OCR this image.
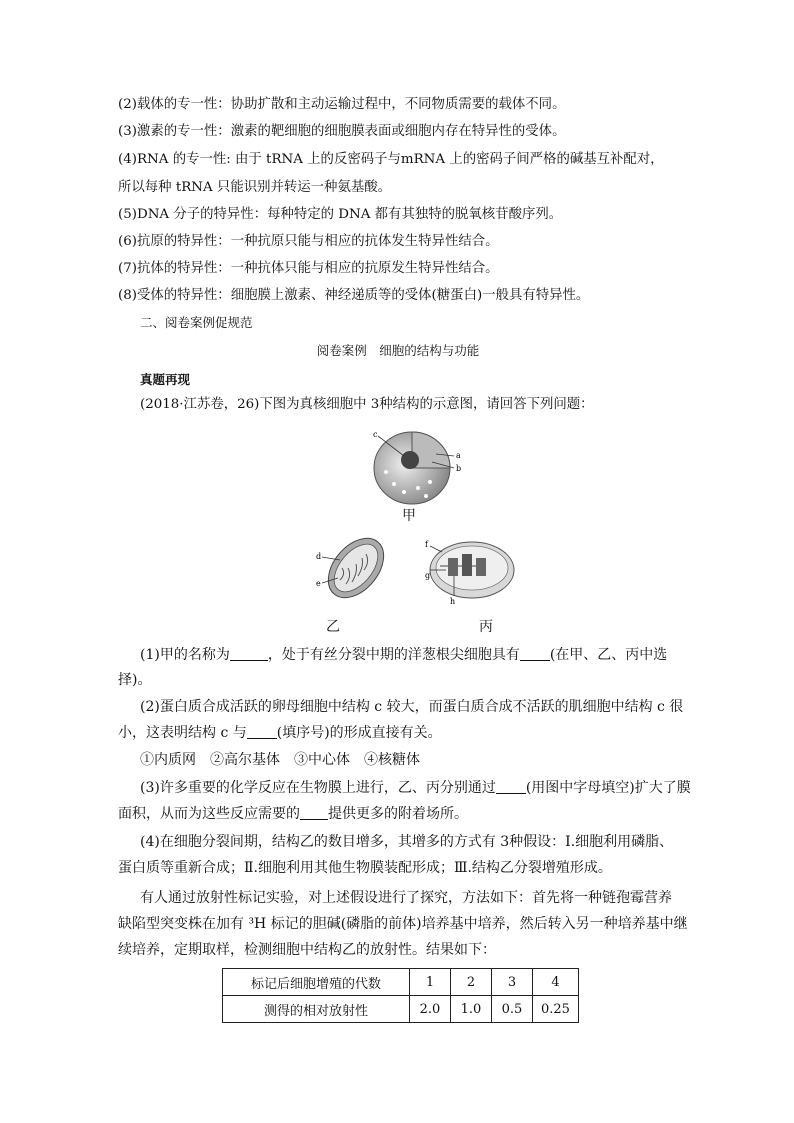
(2)载体的专一性：协助扩散和主动运输过程中，不同物质需要的载体不同。
(3)激素的专一性：激素的靶细胞的细胞膜表面或细胞内存在特异性的受体。
(4)RNA 的专一性: 由于 tRNA 上的反密码子与mRNA 上的密码子间严格的碱基互补配对，
所以每种 tRNA 只能识别并转运一种氨基酸。
(5)DNA 分子的特异性：每种特定的 DNA 都有其独特的脱氧核苷酸序列。
(6)抗原的特异性：一种抗原只能与相应的抗体发生特异性结合。
(7)抗体的特异性：一种抗体只能与相应的抗原发生特异性结合。
(8)受体的特异性：细胞膜上激素、神经递质等的受体(糖蛋白)一般具有特异性。
二、阅卷案例促规范
阅卷案例　细胞的结构与功能
真题再现
(2018·江苏卷，26)下图为真核细胞中 3种结构的示意图，请回答下列问题：
c
a
b
甲
d
e
乙
f
g
h
丙
(1)甲的名称为	，处于有丝分裂中期的洋葱根尖细胞具有 (在甲、乙、丙中选
择)。
(2)蛋白质合成活跃的卵母细胞中结构 c 较大，而蛋白质合成不活跃的肌细胞中结构 c 很
小，这表明结构 c 与 (填序号)的形成直接有关。
①内质网　②高尔基体　③中心体　④核糖体
(3)许多重要的化学反应在生物膜上进行，乙、丙分别通过 (用图中字母填空)扩大了膜
面积，从而为这些反应需要的 提供更多的附着场所。
(4)在细胞分裂间期，结构乙的数目增多，其增多的方式有 3种假设：Ⅰ.细胞利用磷脂、
蛋白质等重新合成；Ⅱ.细胞利用其他生物膜装配形成；Ⅲ.结构乙分裂增殖形成。
有人通过放射性标记实验，对上述假设进行了探究，方法如下：首先将一种链孢霉营养
缺陷型突变株在加有 ³H 标记的胆碱(磷脂的前体)培养基中培养，然后转入另一种培养基中继
续培养，定期取样，检测细胞中结构乙的放射性。结果如下：
标记后细胞增殖的代数	1	2	3	4
测得的相对放射性	2.0	1.0	0.5	0.25
